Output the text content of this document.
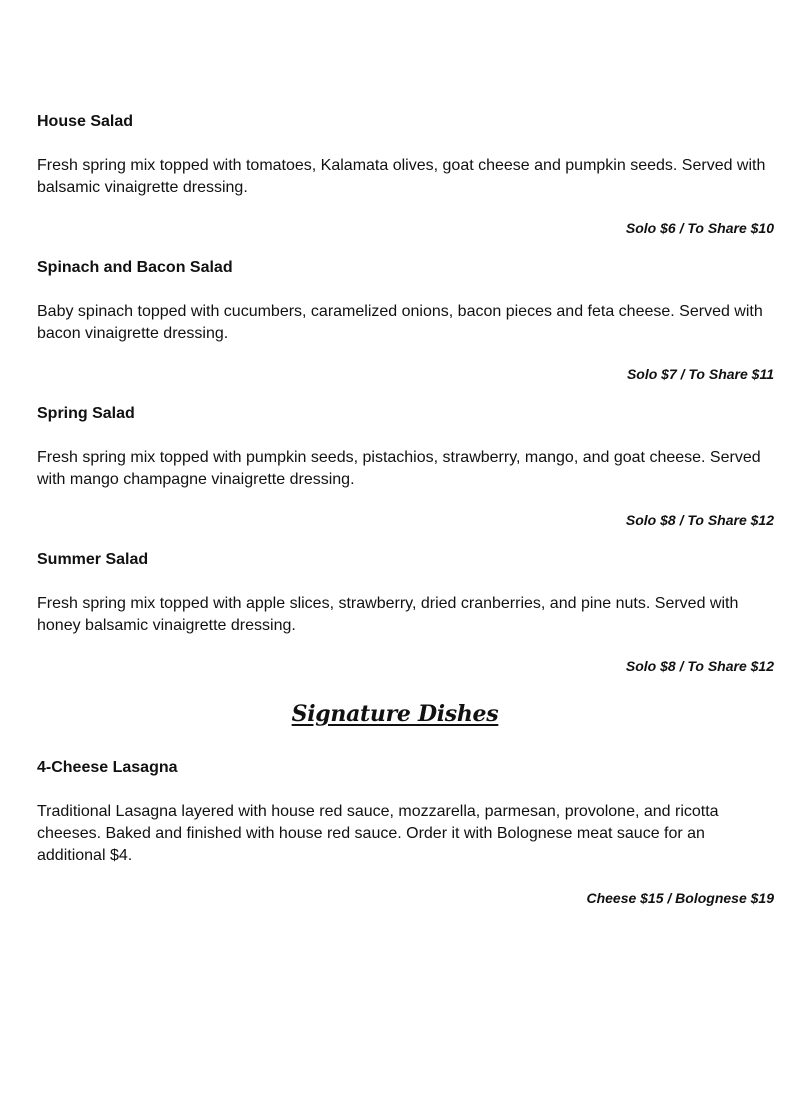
House Salad

Fresh spring mix topped with tomatoes, Kalamata olives, goat cheese and pumpkin seeds. Served with balsamic vinaigrette dressing.

Solo $6 / To Share $10

Spinach and Bacon Salad

Baby spinach topped with cucumbers, caramelized onions, bacon pieces and feta cheese. Served with bacon vinaigrette dressing.

Solo $7 / To Share $11

Spring Salad

Fresh spring mix topped with pumpkin seeds, pistachios, strawberry, mango, and goat cheese. Served with mango champagne vinaigrette dressing.

Solo $8 / To Share $12

Summer Salad

Fresh spring mix topped with apple slices, strawberry, dried cranberries, and pine nuts. Served with honey balsamic vinaigrette dressing.

Solo $8 / To Share $12

Signature Dishes

4-Cheese Lasagna

Traditional Lasagna layered with house red sauce, mozzarella, parmesan, provolone, and ricotta cheeses. Baked and finished with house red sauce. Order it with Bolognese meat sauce for an additional $4.

Cheese $15 / Bolognese $19
